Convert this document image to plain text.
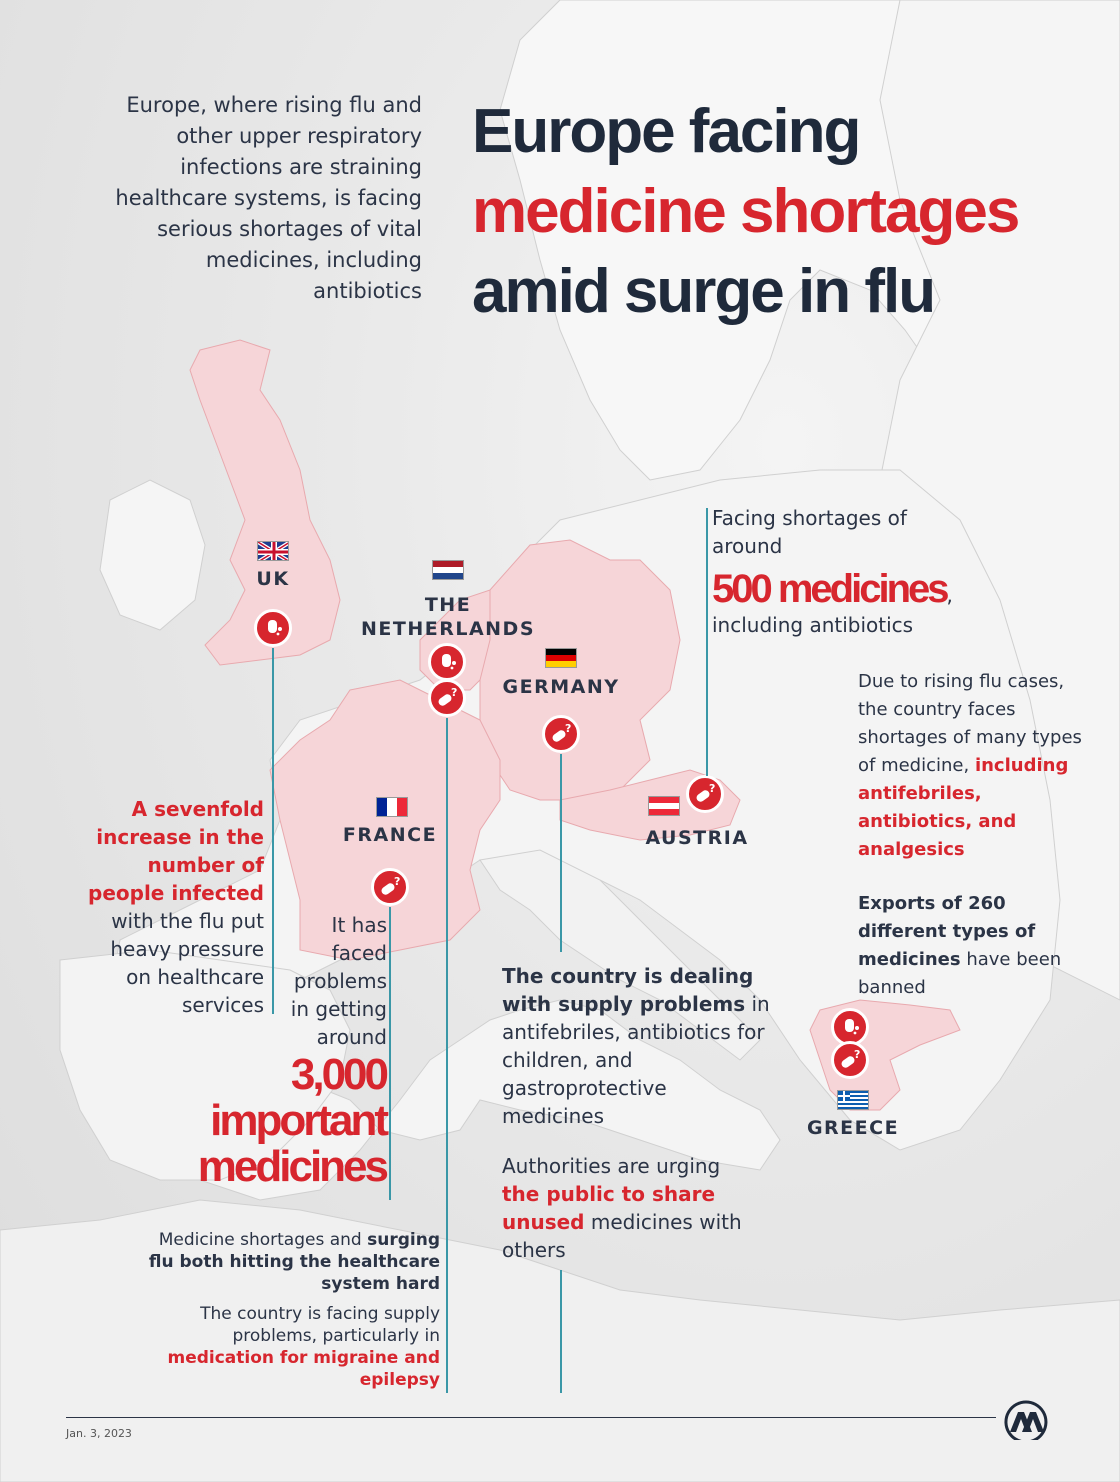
Europe facing
medicine shortages
amid surge in flu
Europe, where rising flu and other upper respiratory infections are straining healthcare systems, is facing serious shortages of vital medicines, including antibiotics
UK
A sevenfold increase in the number of people infected with the flu put heavy pressure on healthcare services
THE
NETHERLANDS
?
Medicine shortages and surging flu both hitting the healthcare system hard
The country is facing supply problems, particularly in medication for migraine and epilepsy
GERMANY
?
The country is dealing with supply problems in antifebriles, antibiotics for children, and gastroprotective medicines
Authorities are urging the public to share unused medicines with others
FRANCE
?
It has faced problems in getting around
3,000
important
medicines
AUSTRIA
?
Facing shortages of around
500 medicines,
including antibiotics
Due to rising flu cases, the country faces shortages of many types of medicine, including antifebriles, antibiotics, and analgesics
Exports of 260 different types of medicines have been banned
?
GREECE
Jan. 3, 2023
